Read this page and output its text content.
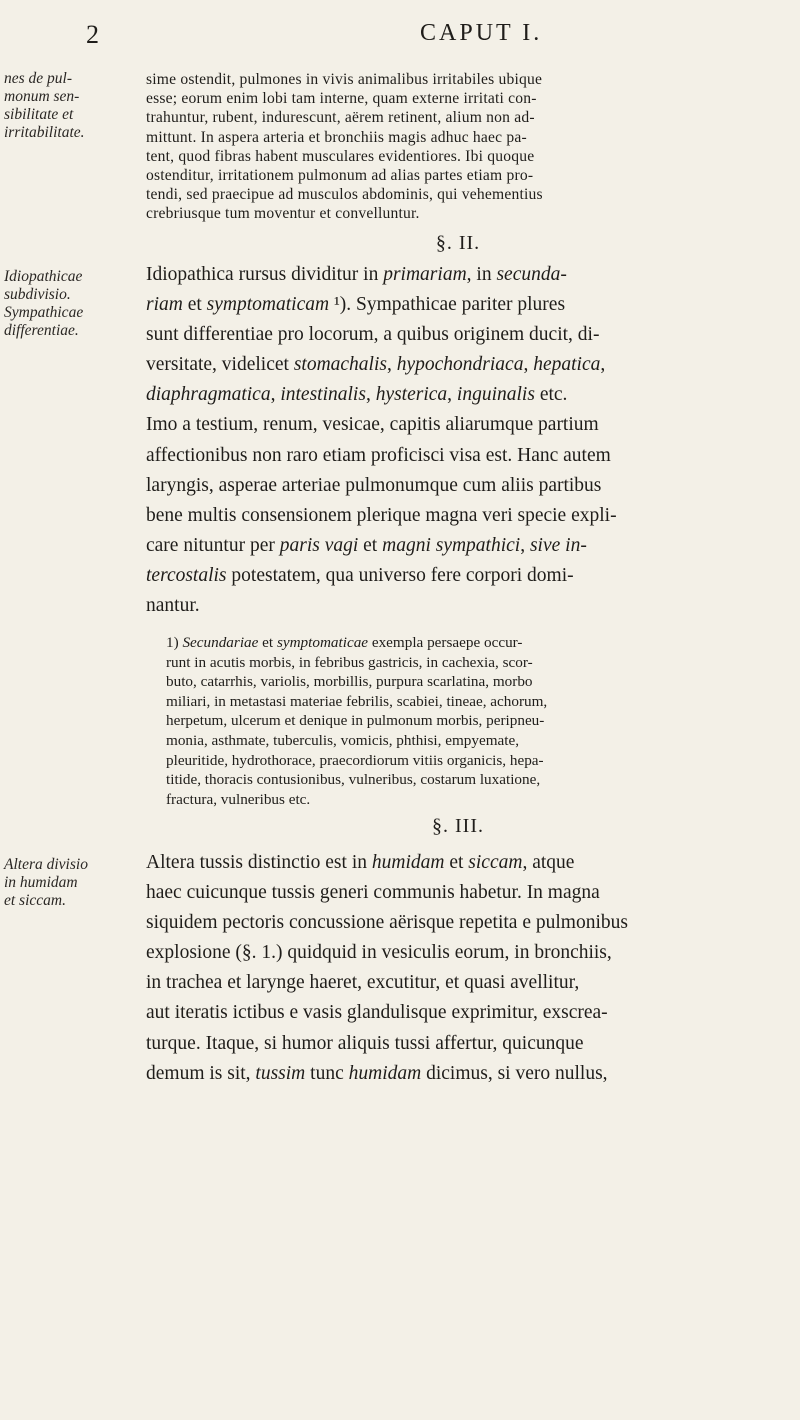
2	CAPUT I.
nes de pul-
monum sen-
sibilitate et
irritabilitate.
sime ostendit, pulmones in vivis animalibus irritabiles ubique
esse; eorum enim lobi tam interne, quam externe irritati con-
trahuntur, rubent, indurescunt, aërem retinent, alium non ad-
mittunt. In aspera arteria et bronchiis magis adhuc haec pa-
tent, quod fibras habent musculares evidentiores. Ibi quoque
ostenditur, irritationem pulmonum ad alias partes etiam pro-
tendi, sed praecipue ad musculos abdominis, qui vehementius
crebriusque tum moventur et convelluntur.
§. II.
Idiopathicae
subdivisio.
Sympathicae
differentiae.
Idiopathica rursus dividitur in primariam, in secunda-
riam et symptomaticam ¹). Sympathicae pariter plures
sunt differentiae pro locorum, a quibus originem ducit, di-
versitate, videlicet stomachalis, hypochondriaca, hepatica,
diaphragmatica, intestinalis, hysterica, inguinalis etc.
Imo a testium, renum, vesicae, capitis aliarumque partium
affectionibus non raro etiam proficisci visa est. Hanc autem
laryngis, asperae arteriae pulmonumque cum aliis partibus
bene multis consensionem plerique magna veri specie expli-
care nituntur per paris vagi et magni sympathici, sive in-
tercostalis potestatem, qua universo fere corpori domi-
nantur.
1) Secundariae et symptomaticae exempla persaepe occur-
runt in acutis morbis, in febribus gastricis, in cachexia, scor-
buto, catarrhis, variolis, morbillis, purpura scarlatina, morbo
miliari, in metastasi materiae febrilis, scabiei, tineae, achorum,
herpetum, ulcerum et denique in pulmonum morbis, peripneu-
monia, asthmate, tuberculis, vomicis, phthisi, empyemate,
pleuritide, hydrothorace, praecordiorum vitiis organicis, hepa-
titide, thoracis contusionibus, vulneribus, costarum luxatione,
fractura, vulneribus etc.
§. III.
Altera divisio
in humidam
et siccam.
Altera tussis distinctio est in humidam et siccam, atque
haec cuicunque tussis generi communis habetur. In magna
siquidem pectoris concussione aërisque repetita e pulmonibus
explosione (§. 1.) quidquid in vesiculis eorum, in bronchiis,
in trachea et larynge haeret, excutitur, et quasi avellitur,
aut iteratis ictibus e vasis glandulisque exprimitur, exscrea-
turque. Itaque, si humor aliquis tussi affertur, quicunque
demum is sit, tussim tunc humidam dicimus, si vero nullus,
